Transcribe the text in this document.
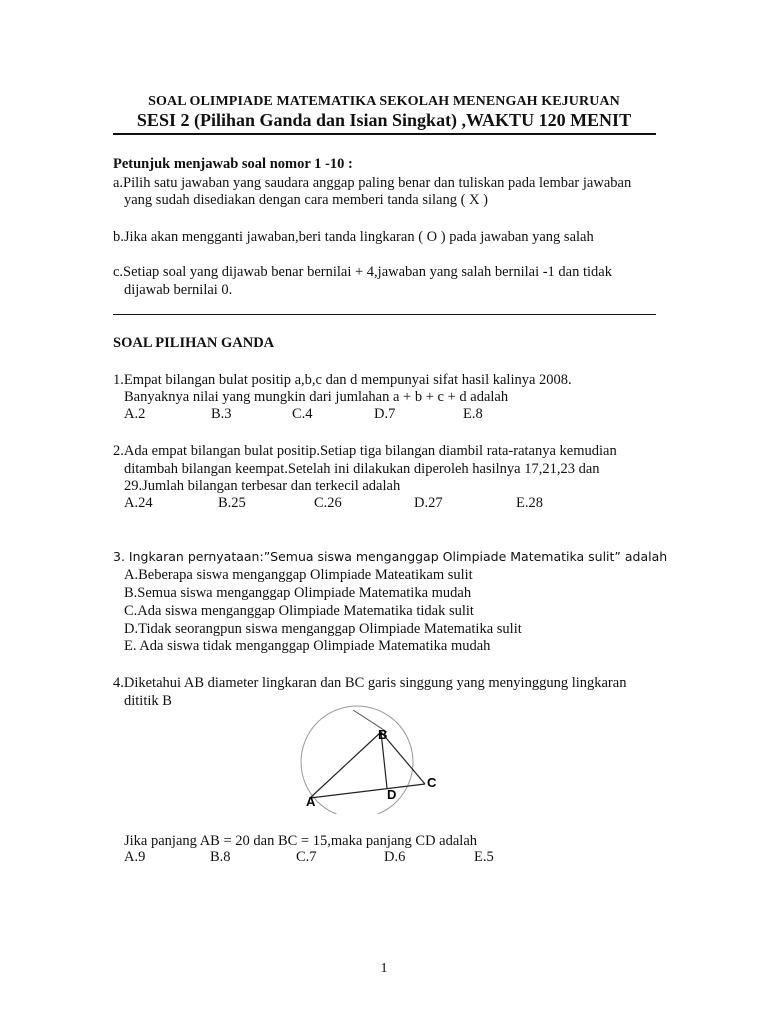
SOAL OLIMPIADE MATEMATIKA SEKOLAH MENENGAH KEJURUAN
SESI 2 (Pilihan Ganda dan Isian Singkat) ,WAKTU 120 MENIT
Petunjuk menjawab soal nomor 1 -10 :
a.Pilih satu jawaban yang saudara anggap paling benar dan tuliskan pada lembar jawaban
yang sudah disediakan dengan cara memberi tanda silang ( X )
b.Jika akan mengganti jawaban,beri tanda lingkaran ( O ) pada jawaban yang salah
c.Setiap soal yang dijawab benar bernilai + 4,jawaban yang salah bernilai -1 dan tidak
dijawab bernilai 0.
SOAL PILIHAN GANDA
1.Empat bilangan bulat positip a,b,c dan d mempunyai sifat hasil kalinya 2008.
Banyaknya nilai yang mungkin dari jumlahan a + b + c + d adalah
A.2	B.3	C.4	D.7	E.8
2.Ada empat bilangan bulat positip.Setiap tiga bilangan diambil rata-ratanya kemudian
ditambah bilangan keempat.Setelah ini dilakukan diperoleh hasilnya 17,21,23 dan
29.Jumlah bilangan terbesar dan terkecil adalah
A.24	B.25	C.26	D.27	E.28
3. Ingkaran pernyataan:”Semua siswa menganggap Olimpiade Matematika sulit” adalah
A.Beberapa siswa menganggap Olimpiade Mateatikam sulit
B.Semua siswa menganggap Olimpiade Matematika mudah
C.Ada siswa menganggap Olimpiade Matematika tidak sulit
D.Tidak seorangpun siswa menganggap Olimpiade Matematika sulit
E. Ada siswa tidak menganggap Olimpiade Matematika mudah
4.Diketahui AB diameter lingkaran dan BC garis singgung yang menyinggung lingkaran
dititik B
B
C
D
A
Jika panjang AB = 20 dan BC = 15,maka panjang CD adalah
A.9	B.8	C.7	D.6	E.5
1
